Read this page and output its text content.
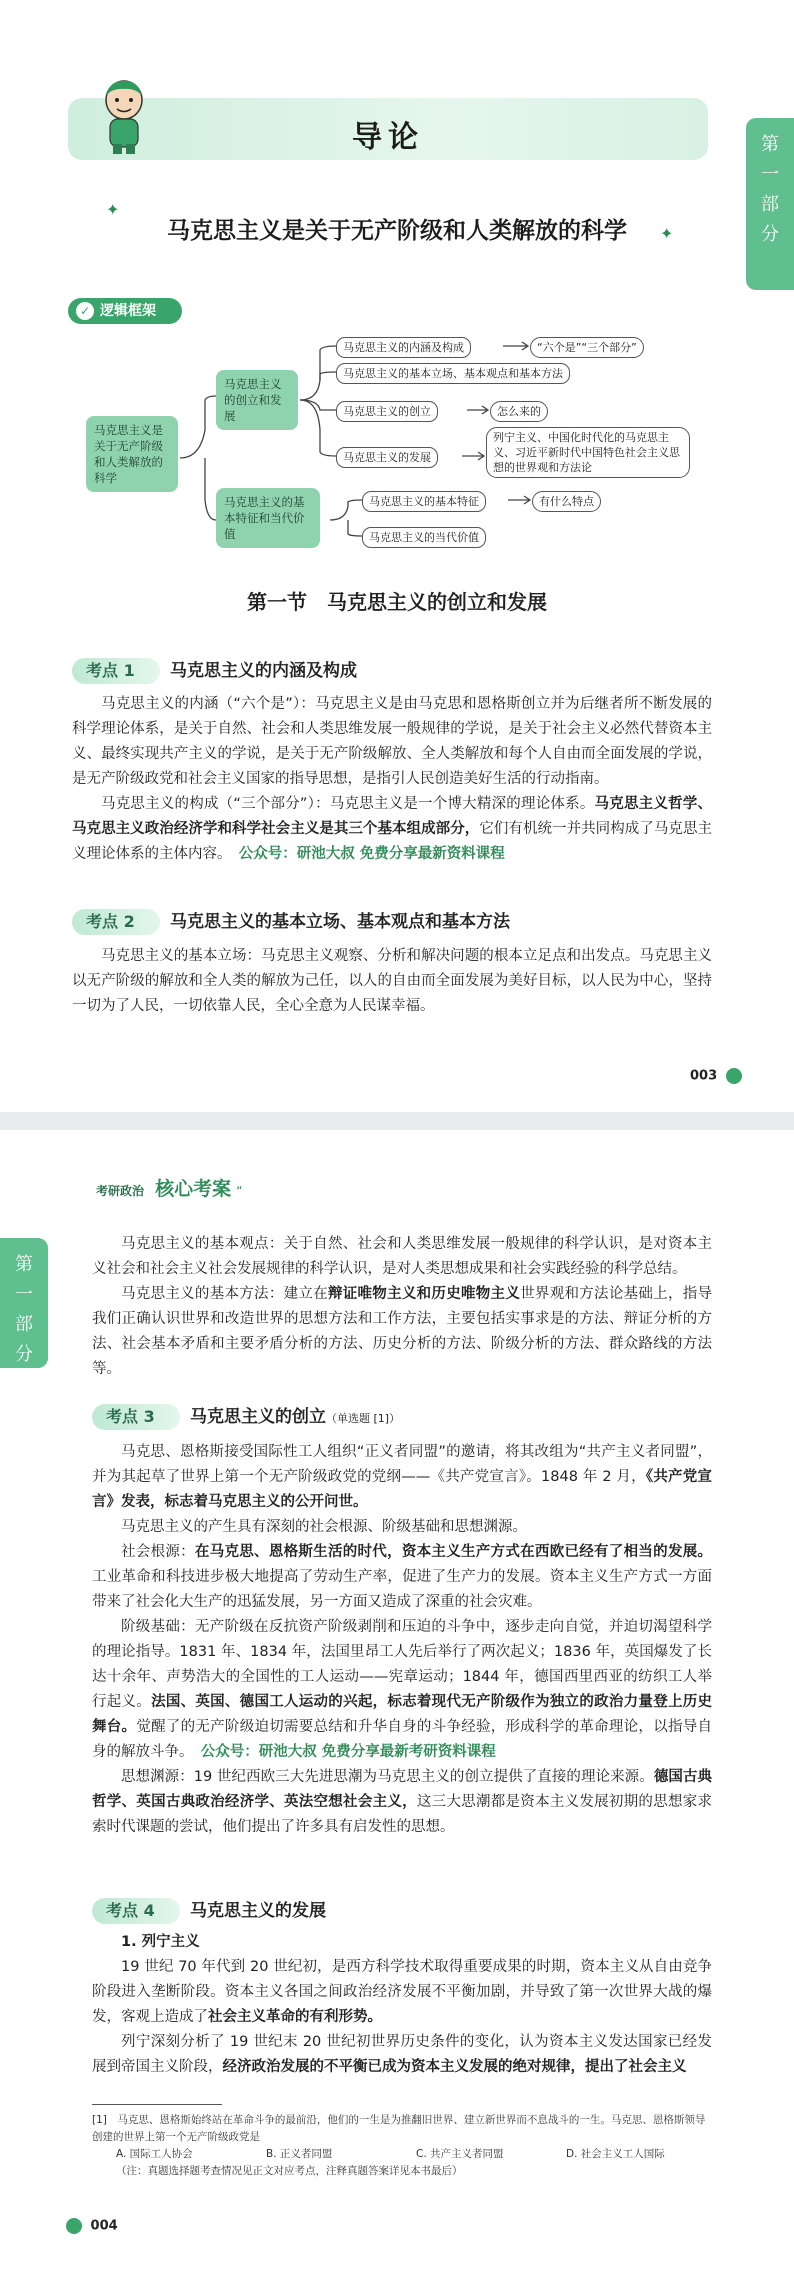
导论	第一部分
✦
马克思主义是关于无产阶级和人类解放的科学	✦
✓ 逻辑框架
马克思主义是关于无产阶级和人类解放的科学
马克思主义的创立和发展
马克思主义的基本特征和当代价值
马克思主义的内涵及构成
马克思主义的基本立场、基本观点和基本方法
马克思主义的创立
马克思主义的发展
马克思主义的基本特征
马克思主义的当代价值
“六个是”“三个部分”
怎么来的
列宁主义、中国化时代化的马克思主义、习近平新时代中国特色社会主义思想的世界观和方法论
有什么特点
第一节　马克思主义的创立和发展
考点 1	马克思主义的内涵及构成

马克思主义的内涵（“六个是”）：马克思主义是由马克思和恩格斯创立并为后继者所不断发展的科学理论体系，是关于自然、社会和人类思维发展一般规律的学说，是关于社会主义必然代替资本主义、最终实现共产主义的学说，是关于无产阶级解放、全人类解放和每个人自由而全面发展的学说，是无产阶级政党和社会主义国家的指导思想，是指引人民创造美好生活的行动指南。

马克思主义的构成（“三个部分”）：马克思主义是一个博大精深的理论体系。马克思主义哲学、马克思主义政治经济学和科学社会主义是其三个基本组成部分，它们有机统一并共同构成了马克思主义理论体系的主体内容。　 公众号：研池大叔 免费分享最新资料课程

考点 2	马克思主义的基本立场、基本观点和基本方法

马克思主义的基本立场：马克思主义观察、分析和解决问题的根本立足点和出发点。马克思主义以无产阶级的解放和全人类的解放为己任，以人的自由而全面发展为美好目标，以人民为中心，坚持一切为了人民，一切依靠人民，全心全意为人民谋幸福。

003
考研政治 核心考案 “
第一部分

马克思主义的基本观点：关于自然、社会和人类思维发展一般规律的科学认识，是对资本主义社会和社会主义社会发展规律的科学认识，是对人类思想成果和社会实践经验的科学总结。

马克思主义的基本方法：建立在辩证唯物主义和历史唯物主义世界观和方法论基础上，指导我们正确认识世界和改造世界的思想方法和工作方法，主要包括实事求是的方法、辩证分析的方法、社会基本矛盾和主要矛盾分析的方法、历史分析的方法、阶级分析的方法、群众路线的方法等。

考点 3	马克思主义的创立（单选题 [1]）

马克思、恩格斯接受国际性工人组织“正义者同盟”的邀请，将其改组为“共产主义者同盟”，并为其起草了世界上第一个无产阶级政党的党纲——《共产党宣言》。1848 年 2 月，《共产党宣言》发表，标志着马克思主义的公开问世。

马克思主义的产生具有深刻的社会根源、阶级基础和思想渊源。

社会根源：在马克思、恩格斯生活的时代，资本主义生产方式在西欧已经有了相当的发展。工业革命和科技进步极大地提高了劳动生产率，促进了生产力的发展。资本主义生产方式一方面带来了社会化大生产的迅猛发展，另一方面又造成了深重的社会灾难。

阶级基础：无产阶级在反抗资产阶级剥削和压迫的斗争中，逐步走向自觉，并迫切渴望科学的理论指导。1831 年、1834 年，法国里昂工人先后举行了两次起义；1836 年，英国爆发了长达十余年、声势浩大的全国性的工人运动——宪章运动；1844 年，德国西里西亚的纺织工人举行起义。法国、英国、德国工人运动的兴起，标志着现代无产阶级作为独立的政治力量登上历史舞台。觉醒了的无产阶级迫切需要总结和升华自身的斗争经验，形成科学的革命理论，以指导自身的解放斗争。　 公众号：研池大叔 免费分享最新考研资料课程

思想渊源：19 世纪西欧三大先进思潮为马克思主义的创立提供了直接的理论来源。德国古典哲学、英国古典政治经济学、英法空想社会主义，这三大思潮都是资本主义发展初期的思想家求索时代课题的尝试，他们提出了许多具有启发性的思想。

考点 4	马克思主义的发展
1. 列宁主义

19 世纪 70 年代到 20 世纪初，是西方科学技术取得重要成果的时期，资本主义从自由竞争阶段进入垄断阶段。资本主义各国之间政治经济发展不平衡加剧，并导致了第一次世界大战的爆发，客观上造成了社会主义革命的有利形势。

列宁深刻分析了 19 世纪末 20 世纪初世界历史条件的变化，认为资本主义发达国家已经发展到帝国主义阶段，经济政治发展的不平衡已成为资本主义发展的绝对规律，提出了社会主义

[1]　马克思、恩格斯始终站在革命斗争的最前沿，他们的一生是为推翻旧世界、建立新世界而不息战斗的一生。马克思、恩格斯领导创建的世界上第一个无产阶级政党是
A. 国际工人协会	B. 正义者同盟	C. 共产主义者同盟	D. 社会主义工人国际
（注：真题选择题考查情况见正文对应考点，注释真题答案详见本书最后）
004
